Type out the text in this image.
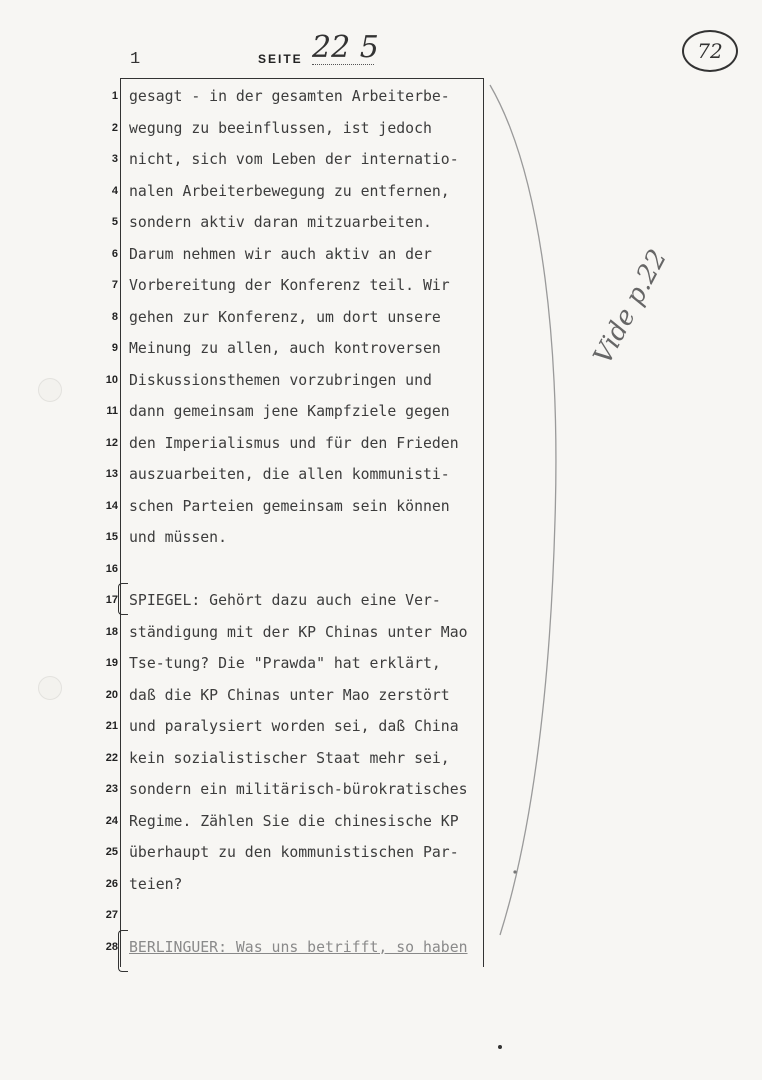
1	SEITE 22 5	72
1
2
3
4
5
6
7
8
9
10
11
12
13
14
15
16
17
18
19
20
21
22
23
24
25
26
27
28
gesagt - in der gesamten Arbeiterbe-
wegung zu beeinflussen, ist jedoch
nicht, sich vom Leben der internatio-
nalen Arbeiterbewegung zu entfernen,
sondern aktiv daran mitzuarbeiten.
Darum nehmen wir auch aktiv an der
Vorbereitung der Konferenz teil. Wir
gehen zur Konferenz, um dort unsere
Meinung zu allen, auch kontroversen
Diskussionsthemen vorzubringen und
dann gemeinsam jene Kampfziele gegen
den Imperialismus und für den Frieden
auszuarbeiten, die allen kommunisti-
schen Parteien gemeinsam sein können
und müssen.
SPIEGEL: Gehört dazu auch eine Ver-
ständigung mit der KP Chinas unter Mao
Tse-tung? Die "Prawda" hat erklärt,
daß die KP Chinas unter Mao zerstört
und paralysiert worden sei, daß China
kein sozialistischer Staat mehr sei,
sondern ein militärisch-bürokratisches
Regime. Zählen Sie die chinesische KP
überhaupt zu den kommunistischen Par-
teien?
BERLINGUER: Was uns betrifft, so haben
Vide p.22
